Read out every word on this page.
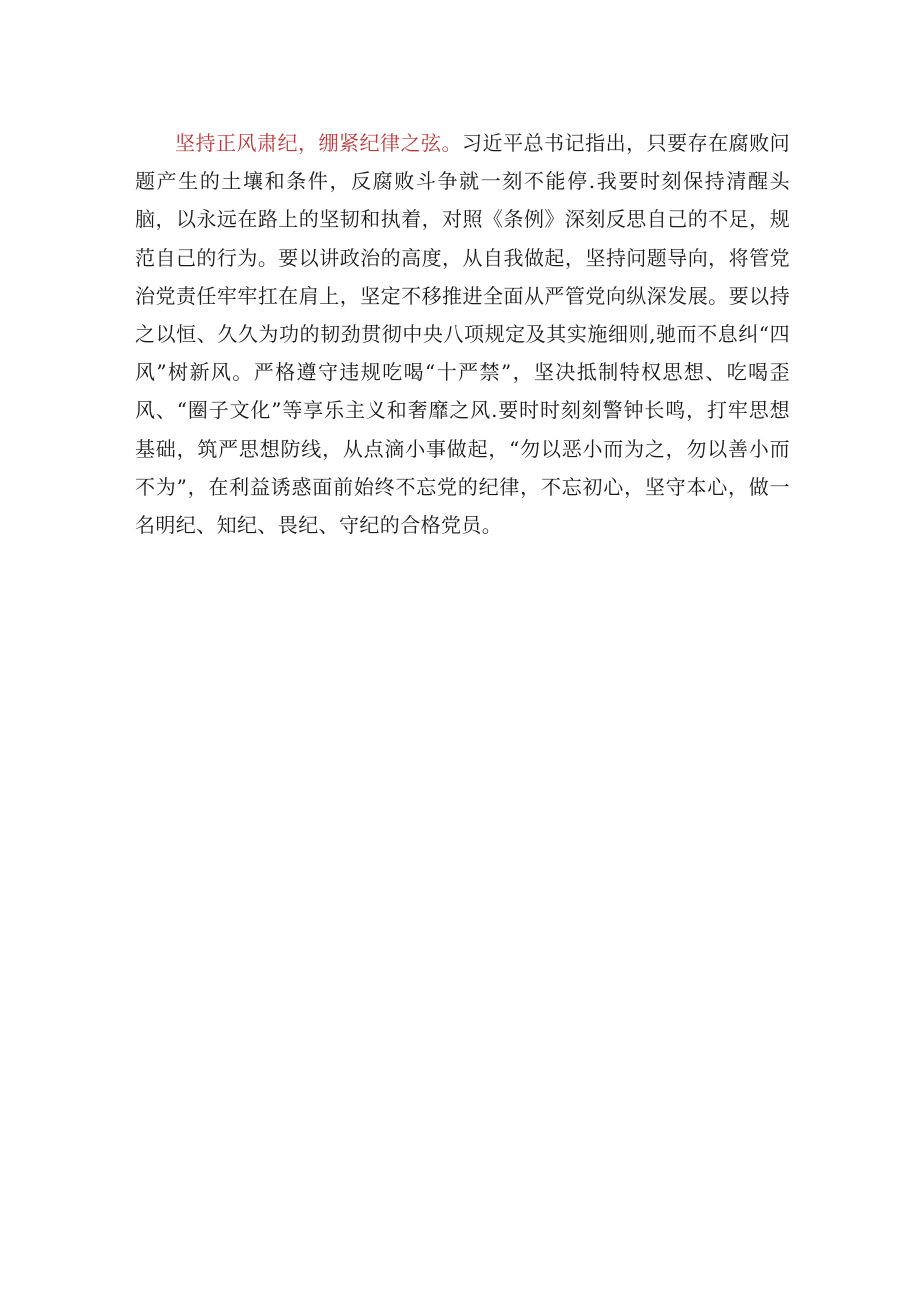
坚持正风肃纪，绷紧纪律之弦。习近平总书记指出，只要存在腐败问题产生的土壤和条件，反腐败斗争就一刻不能停.我要时刻保持清醒头脑，以永远在路上的坚韧和执着，对照《条例》深刻反思自己的不足，规范自己的行为。要以讲政治的高度，从自我做起，坚持问题导向，将管党治党责任牢牢扛在肩上，坚定不移推进全面从严管党向纵深发展。要以持之以恒、久久为功的韧劲贯彻中央八项规定及其实施细则,驰而不息纠“四风”树新风。严格遵守违规吃喝“十严禁”，坚决抵制特权思想、吃喝歪风、“圈子文化”等享乐主义和奢靡之风.要时时刻刻警钟长鸣，打牢思想基础，筑严思想防线，从点滴小事做起，“勿以恶小而为之，勿以善小而不为”，在利益诱惑面前始终不忘党的纪律，不忘初心，坚守本心，做一名明纪、知纪、畏纪、守纪的合格党员。
